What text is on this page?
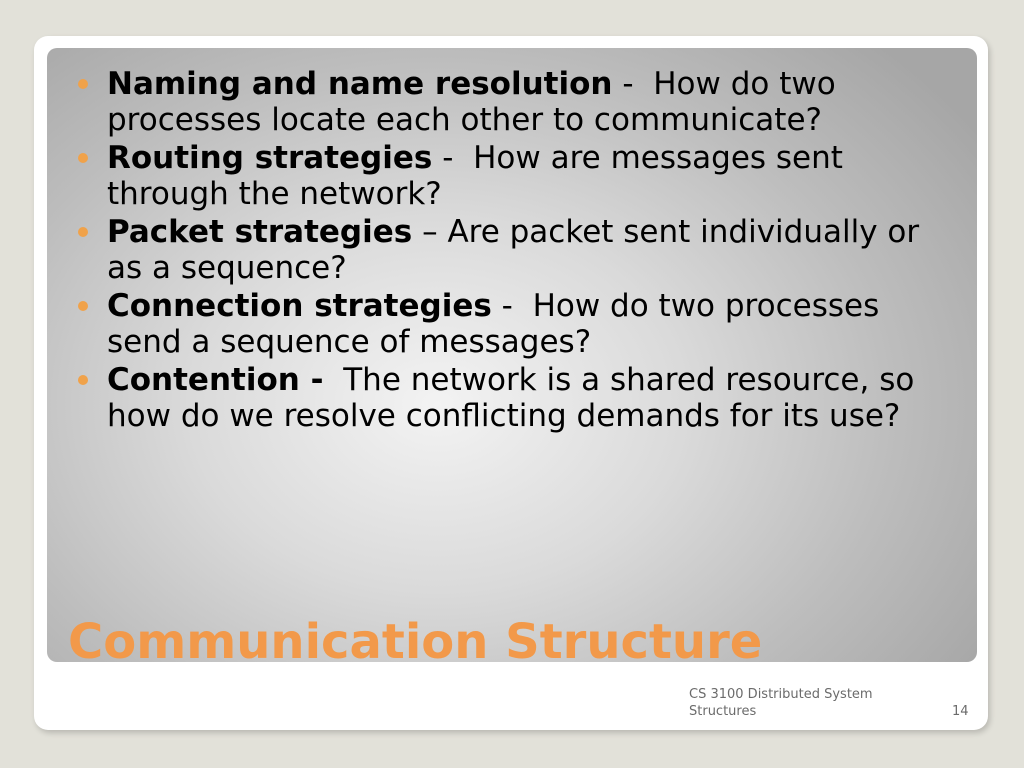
Naming and name resolution -  How do two processes locate each other to communicate?
Routing strategies -  How are messages sent through the network?
Packet strategies – Are packet sent individually or as a sequence?
Connection strategies -  How do two processes send a sequence of messages?
Contention - The network is a shared resource, so how do we resolve conflicting demands for its use?
Communication Structure
CS 3100 Distributed System Structures	14
